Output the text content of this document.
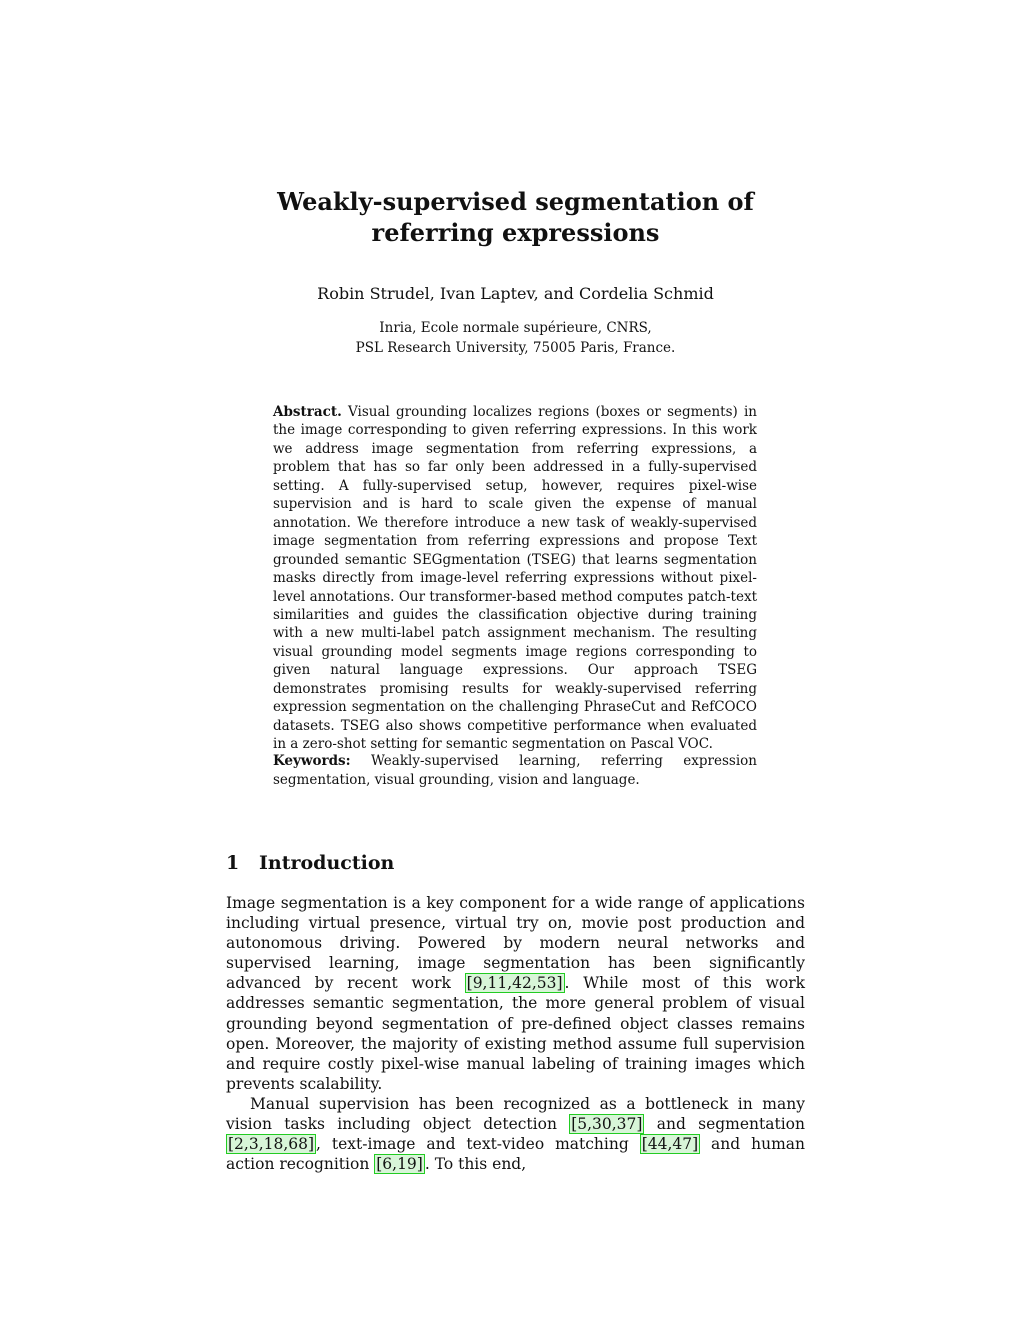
Weakly-supervised segmentation of
referring expressions
Robin Strudel, Ivan Laptev, and Cordelia Schmid
Inria, Ecole normale supérieure, CNRS,
PSL Research University, 75005 Paris, France.
Abstract. Visual grounding localizes regions (boxes or segments) in the image corresponding to given referring expressions. In this work we address image segmentation from referring expressions, a problem that has so far only been addressed in a fully-supervised setting. A fully-supervised setup, however, requires pixel-wise supervision and is hard to scale given the expense of manual annotation. We therefore introduce a new task of weakly-supervised image segmentation from referring expressions and propose Text grounded semantic SEGgmentation (TSEG) that learns segmentation masks directly from image-level referring expressions without pixel-level annotations. Our transformer-based method computes patch-text similarities and guides the classification objective during training with a new multi-label patch assignment mechanism. The resulting visual grounding model segments image regions corresponding to given natural language expressions. Our approach TSEG demonstrates promising results for weakly-supervised referring expression segmentation on the challenging PhraseCut and RefCOCO datasets. TSEG also shows competitive performance when evaluated in a zero-shot setting for semantic segmentation on Pascal VOC.
Keywords: Weakly-supervised learning, referring expression segmentation, visual grounding, vision and language.
1 Introduction

Image segmentation is a key component for a wide range of applications including virtual presence, virtual try on, movie post production and autonomous driving. Powered by modern neural networks and supervised learning, image segmentation has been significantly advanced by recent work [9,11,42,53] . While most of this work addresses semantic segmentation, the more general problem of visual grounding beyond segmentation of pre-defined object classes remains open. Moreover, the majority of existing method assume full supervision and require costly pixel-wise manual labeling of training images which prevents scalability.

Manual supervision has been recognized as a bottleneck in many vision tasks including object detection [5,30,37] and segmentation [2,3,18,68] , text-image and text-video matching [44,47] and human action recognition [6,19] . To this end,
